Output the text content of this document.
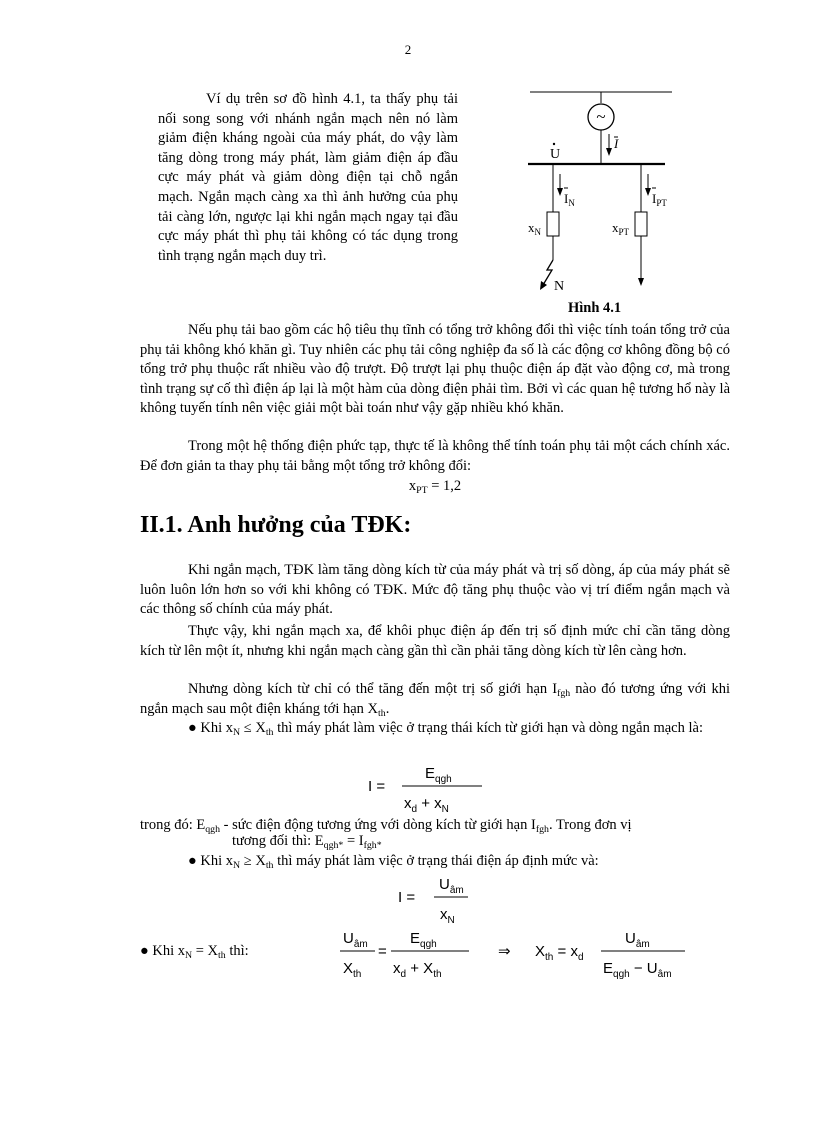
2
Ví dụ trên sơ đồ hình 4.1, ta thấy phụ tải nối song song với nhánh ngắn mạch nên nó làm giảm điện kháng ngoài của máy phát, do vậy làm tăng dòng trong máy phát, làm giảm điện áp đầu cực máy phát và giảm dòng điện tại chỗ ngắn mạch. Ngắn mạch càng xa thì ảnh hưởng của phụ tải càng lớn, ngược lại khi ngắn mạch ngay tại đầu cực máy phát thì phụ tải không có tác dụng trong tình trạng ngắn mạch duy trì.
~
I
U
$I_N$
$x_N$
N
$I_{PT}$
$x_{PT}$
Hình 4.1
Nếu phụ tải bao gồm các hộ tiêu thụ tĩnh có tổng trở không đổi thì việc tính toán tổng trở của phụ tải không khó khăn gì. Tuy nhiên các phụ tải công nghiệp đa số là các động cơ không đồng bộ có tổng trở phụ thuộc rất nhiều vào độ trượt. Độ trượt lại phụ thuộc điện áp đặt vào động cơ, mà trong tình trạng sự cố thì điện áp lại là một hàm của dòng điện phải tìm. Bởi vì các quan hệ tương hổ này là không tuyến tính nên việc giải một bài toán như vậy gặp nhiều khó khăn.
Trong một hệ thống điện phức tạp, thực tế là không thể tính toán phụ tải một cách chính xác. Để đơn giản ta thay phụ tải bằng một tổng trở không đổi:
$x_{PT} = 1,2$
II.1. Anh hưởng của TĐK:
Khi ngắn mạch, TĐK làm tăng dòng kích từ của máy phát và trị số dòng, áp của máy phát sẽ luôn luôn lớn hơn so với khi không có TĐK. Mức độ tăng phụ thuộc vào vị trí điểm ngắn mạch và các thông số chính của máy phát.
Thực vậy, khi ngắn mạch xa, để khôi phục điện áp đến trị số định mức chỉ cần tăng dòng kích từ lên một ít, nhưng khi ngắn mạch càng gần thì cần phải tăng dòng kích từ lên càng hơn.
Nhưng dòng kích từ chỉ có thể tăng đến một trị số giới hạn $I_{fgh}$ nào đó tương ứng với khi ngắn mạch sau một điện kháng tới hạn $X_{th}$.
● Khi $x_N \le X_{th}$ thì máy phát làm việc ở trạng thái kích từ giới hạn và dòng ngắn mạch là:
I =
$E_{qgh}$
$x_d + x_N$
trong đó: $E_{qgh}$ - sức điện động tương ứng với dòng kích từ giới hạn $I_{fgh}$. Trong đơn vị
tương đối thì: $E_{qgh*} = I_{fgh*}$
● Khi $x_N \ge X_{th}$ thì máy phát làm việc ở trạng thái điện áp định mức và:
I =
$U_{âm}$
$x_N$
● Khi $x_N = X_{th}$ thì:
$U_{âm}$
$X_{th}$
=
$E_{qgh}$
$x_d + X_{th}$
⇒ $X_{th} = x_d$
$U_{âm}$
$E_{qgh} - U_{âm}$
